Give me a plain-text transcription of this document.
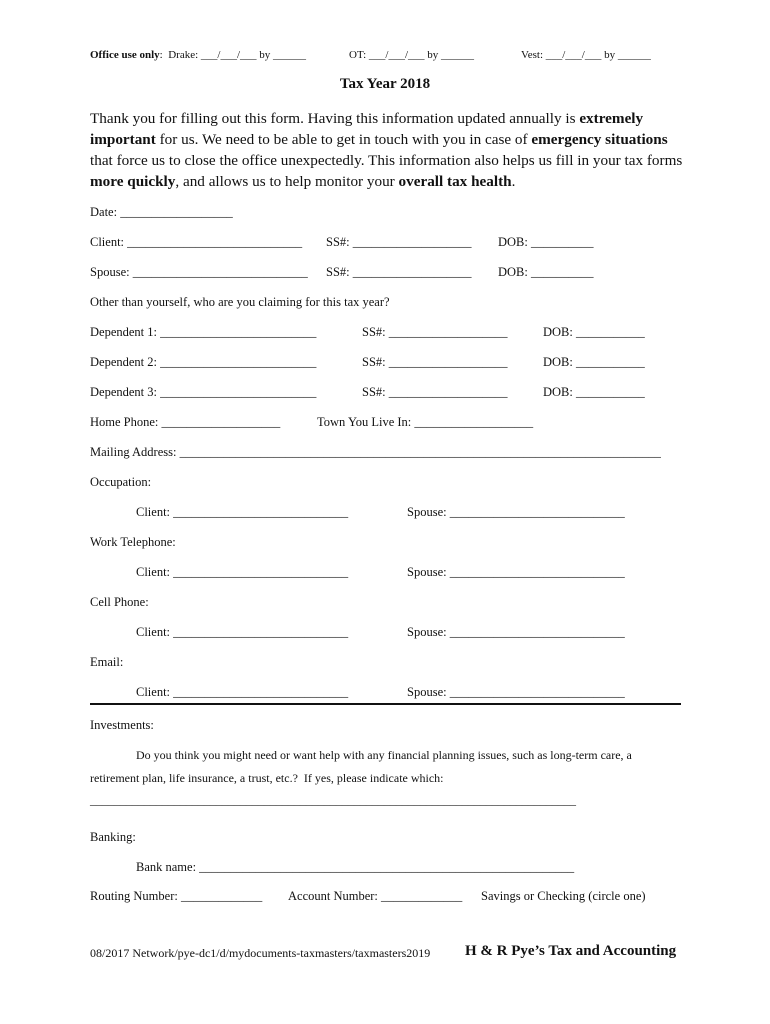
Office use only:  Drake: ___/___/___ by ______	OT: ___/___/___ by ______	Vest: ___/___/___ by ______
Tax Year 2018
Thank you for filling out this form. Having this information updated annually is extremely important for us. We need to be able to get in touch with you in case of emergency situations that force us to close the office unexpectedly. This information also helps us fill in your tax forms more quickly, and allows us to help monitor your overall tax health.
Date: __________________
Client: ____________________________ SS#: ___________________ DOB: __________
Spouse: ____________________________ SS#: ___________________ DOB: __________
Other than yourself, who are you claiming for this tax year?
Dependent 1: _________________________	SS#: ___________________	DOB: ___________
Dependent 2: _________________________	SS#: ___________________	DOB: ___________
Dependent 3: _________________________	SS#: ___________________	DOB: ___________
Home Phone: ___________________	Town You Live In: ___________________
Mailing Address: _____________________________________________________________________________
Occupation:
Client: ____________________________	Spouse: ____________________________
Work Telephone:
Client: ____________________________	Spouse: ____________________________
Cell Phone:
Client: ____________________________	Spouse: ____________________________
Email:
Client: ____________________________	Spouse: ____________________________
Investments:
Do you think you might need or want help with any financial planning issues, such as long-term care, a
retirement plan, life insurance, a trust, etc.?  If yes, please indicate which:
_________________________________________________________________________________
Banking:
Bank name: ____________________________________________________________
Routing Number: _____________ Account Number: _____________ Savings or Checking (circle one)
08/2017 Network/pye-dc1/d/mydocuments-taxmasters/taxmasters2019 H & R Pye’s Tax and Accounting
